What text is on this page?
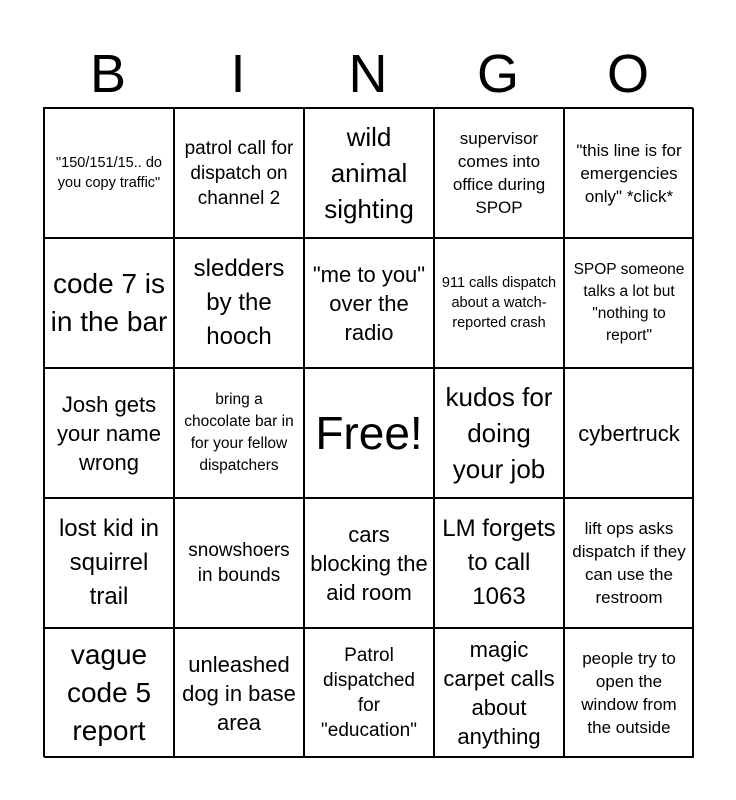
B	I	N	G	O
"150/151/15.. do you copy traffic"
patrol call for dispatch on channel 2
wild animal sighting
supervisor comes into office during SPOP
"this line is for emergencies only" *click*
code 7 is in the bar
sledders by the hooch
"me to you" over the radio
911 calls dispatch about a watch-reported crash
SPOP someone talks a lot but "nothing to report"
Josh gets your name wrong
bring a chocolate bar in for your fellow dispatchers
Free!
kudos for doing your job
cybertruck
lost kid in squirrel trail
snowshoers in bounds
cars blocking the aid room
LM forgets to call 1063
lift ops asks dispatch if they can use the restroom
vague code 5 report
unleashed dog in base area
Patrol dispatched for "education"
magic carpet calls about anything
people try to open the window from the outside
